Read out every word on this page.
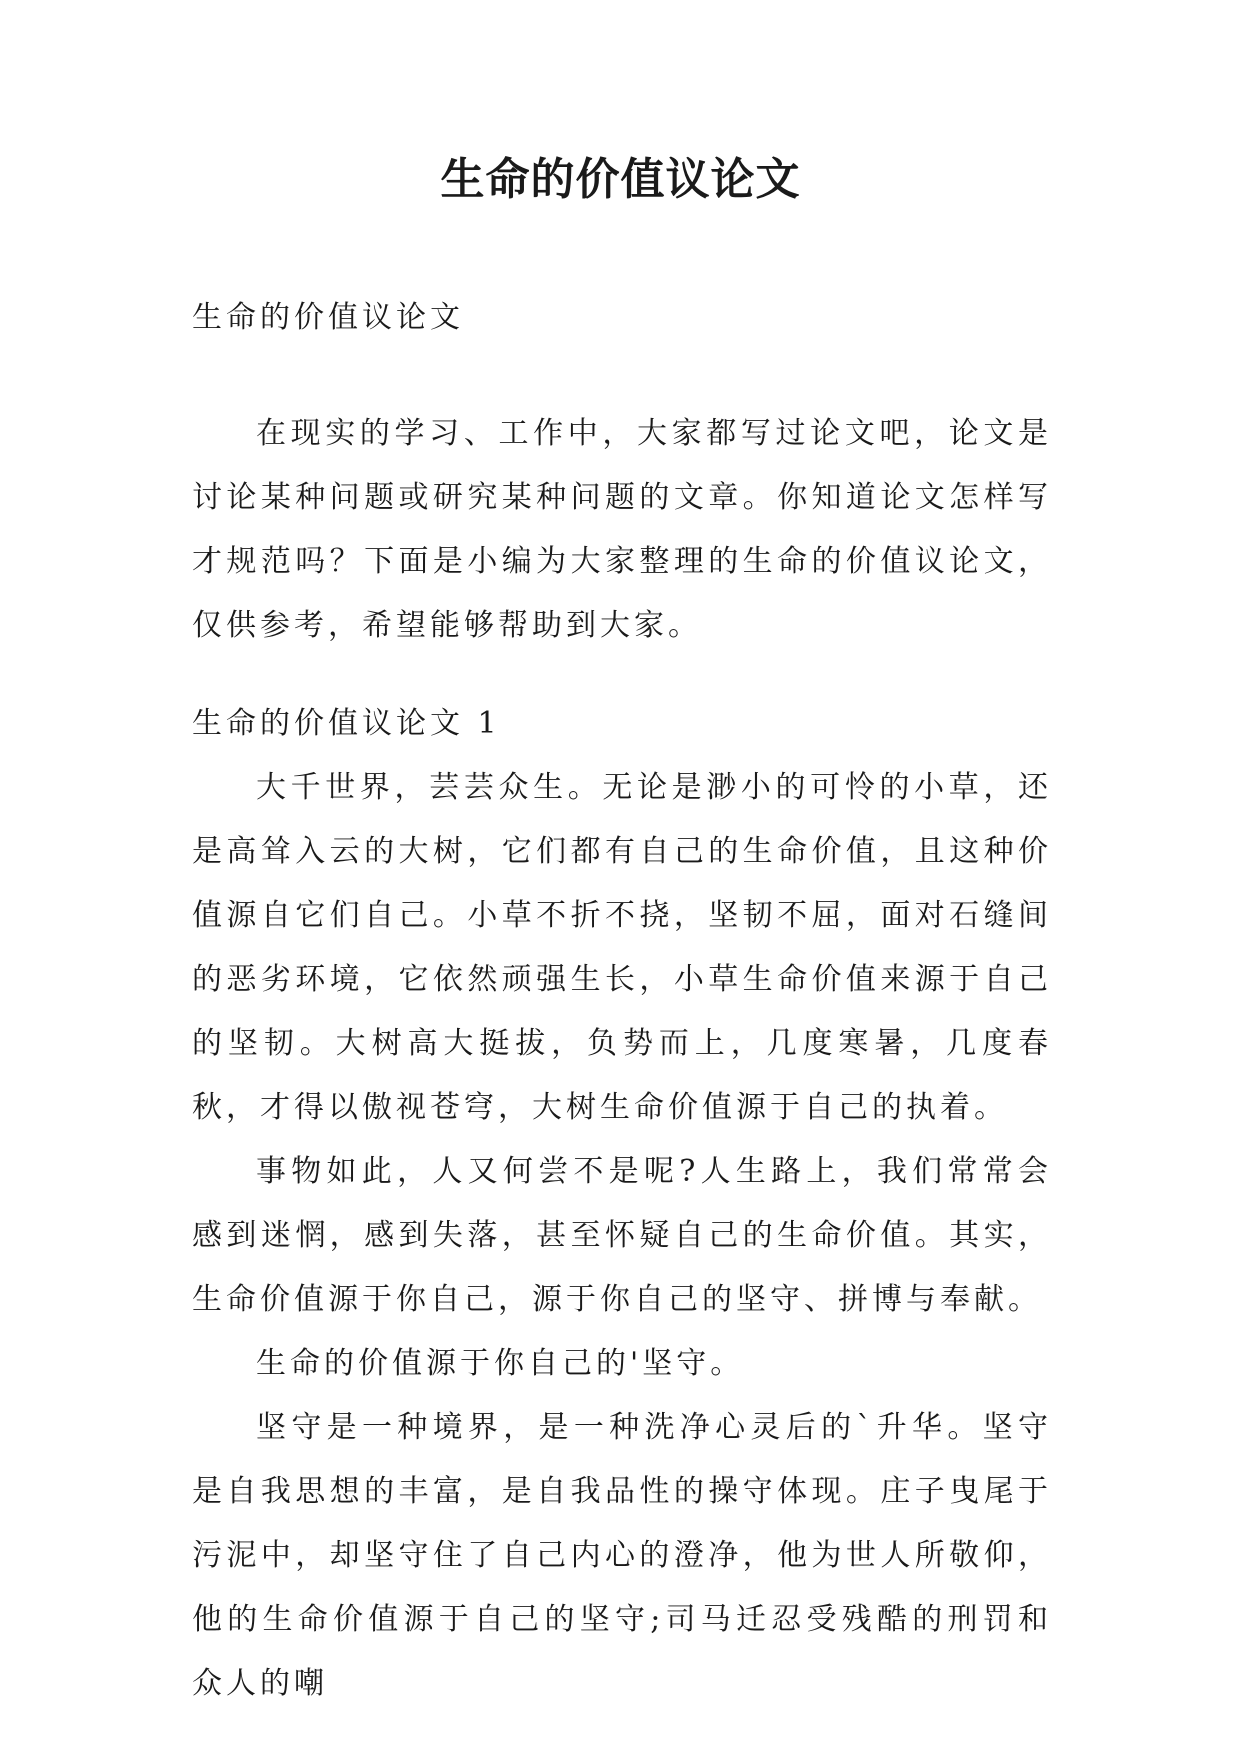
生命的价值议论文

生命的价值议论文

在现实的学习、工作中，大家都写过论文吧，论文是讨论某种问题或研究某种问题的文章。你知道论文怎样写才规范吗？下面是小编为大家整理的生命的价值议论文，仅供参考，希望能够帮助到大家。

生命的价值议论文 1

大千世界，芸芸众生。无论是渺小的可怜的小草，还是高耸入云的大树，它们都有自己的生命价值，且这种价值源自它们自己。小草不折不挠，坚韧不屈，面对石缝间的恶劣环境，它依然顽强生长，小草生命价值来源于自己的坚韧。大树高大挺拔，负势而上，几度寒暑，几度春秋，才得以傲视苍穹，大树生命价值源于自己的执着。

事物如此，人又何尝不是呢?人生路上，我们常常会感到迷惘，感到失落，甚至怀疑自己的生命价值。其实，生命价值源于你自己，源于你自己的坚守、拼博与奉献。

生命的价值源于你自己的'坚守。

坚守是一种境界，是一种洗净心灵后的`升华。坚守是自我思想的丰富，是自我品性的操守体现。庄子曳尾于污泥中，却坚守住了自己内心的澄净，他为世人所敬仰，他的生命价值源于自己的坚守;司马迁忍受残酷的刑罚和众人的嘲
